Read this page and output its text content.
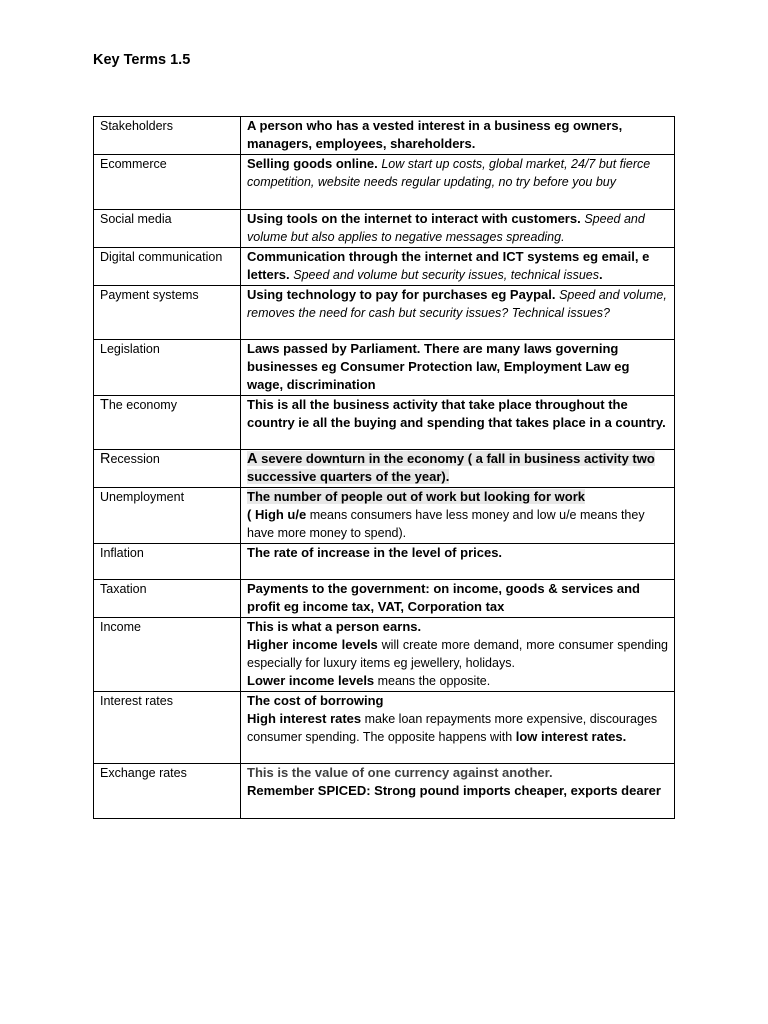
Key Terms 1.5
Stakeholders	A person who has a vested interest in a business eg owners, managers, employees, shareholders.
Ecommerce	Selling goods online. Low start up costs, global market, 24/7 but fierce competition, website needs regular updating, no try before you buy
Social media	Using tools on the internet to interact with customers. Speed and volume but also applies to negative messages spreading.
Digital communication	Communication through the internet and ICT systems eg email, e letters. Speed and volume but security issues, technical issues.
Payment systems	Using technology to pay for purchases eg Paypal. Speed and volume, removes the need for cash but security issues? Technical issues?
Legislation	Laws passed by Parliament. There are many laws governing businesses eg Consumer Protection law, Employment Law eg wage, discrimination
The economy	This is all the business activity that take place throughout the country ie all the buying and spending that takes place in a country.
Recession	A severe downturn in the economy ( a fall in business activity two successive quarters of the year).
Unemployment	The number of people out of work but looking for work
( High u/e means consumers have less money and low u/e means they have more money to spend).
Inflation	The rate of increase in the level of prices.
Taxation	Payments to the government: on income, goods & services and profit eg income tax, VAT, Corporation tax
Income	This is what a person earns.
Higher income levels will create more demand, more consumer spending especially for luxury items eg jewellery, holidays.
Lower income levels means the opposite.
Interest rates	The cost of borrowing
High interest rates make loan repayments more expensive, discourages consumer spending. The opposite happens with low interest rates.
Exchange rates	This is the value of one currency against another.
Remember SPICED: Strong pound imports cheaper, exports dearer
